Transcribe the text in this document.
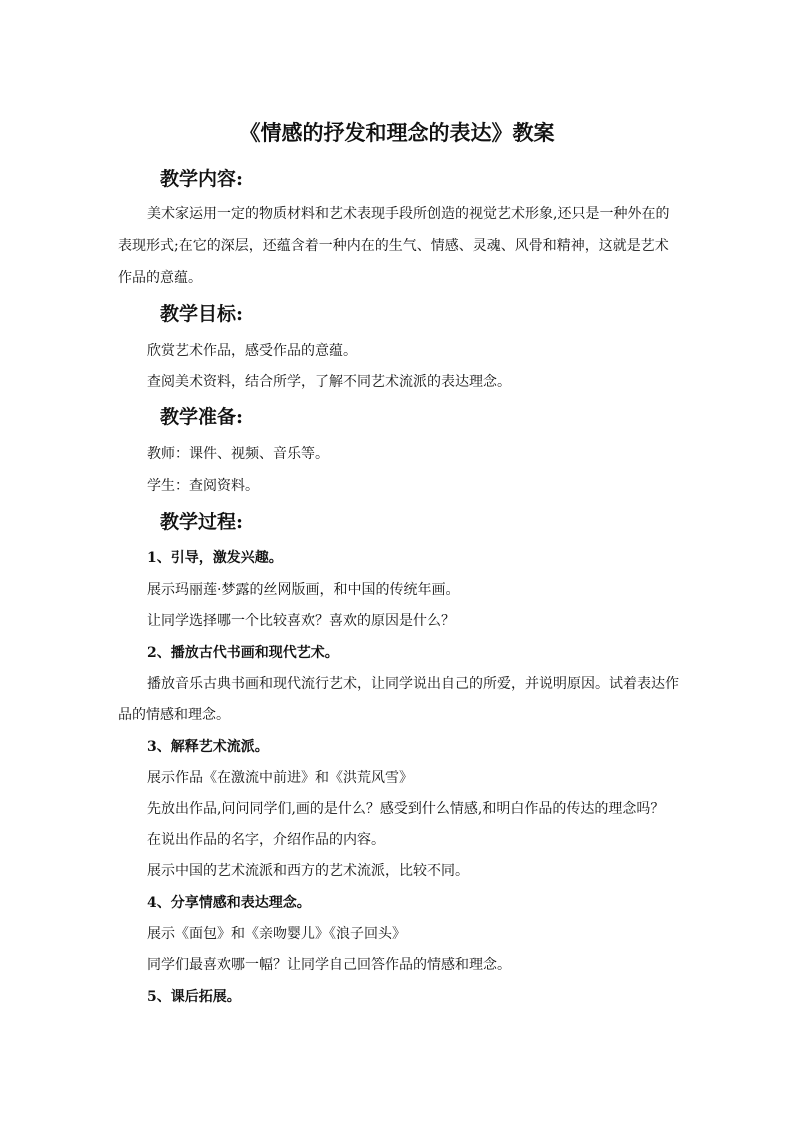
《情感的抒发和理念的表达》教案
教学内容:
美术家运用一定的物质材料和艺术表现手段所创造的视觉艺术形象,还只是一种外在的
表现形式;在它的深层，还蕴含着一种内在的生气、情感、灵魂、风骨和精神，这就是艺术
作品的意蕴。
教学目标:
欣赏艺术作品，感受作品的意蕴。
查阅美术资料，结合所学，了解不同艺术流派的表达理念。
教学准备:
教师：课件、视频、音乐等。
学生：查阅资料。
教学过程:
1、引导，激发兴趣。
展示玛丽莲·梦露的丝网版画，和中国的传统年画。
让同学选择哪一个比较喜欢？喜欢的原因是什么？
2、播放古代书画和现代艺术。
播放音乐古典书画和现代流行艺术，让同学说出自己的所爱，并说明原因。试着表达作
品的情感和理念。
3、解释艺术流派。
展示作品《在激流中前进》和《洪荒风雪》
先放出作品,问问同学们,画的是什么？感受到什么情感,和明白作品的传达的理念吗？
在说出作品的名字，介绍作品的内容。
展示中国的艺术流派和西方的艺术流派，比较不同。
4、分享情感和表达理念。
展示《面包》和《亲吻婴儿》《浪子回头》
同学们最喜欢哪一幅？让同学自己回答作品的情感和理念。
5、课后拓展。
